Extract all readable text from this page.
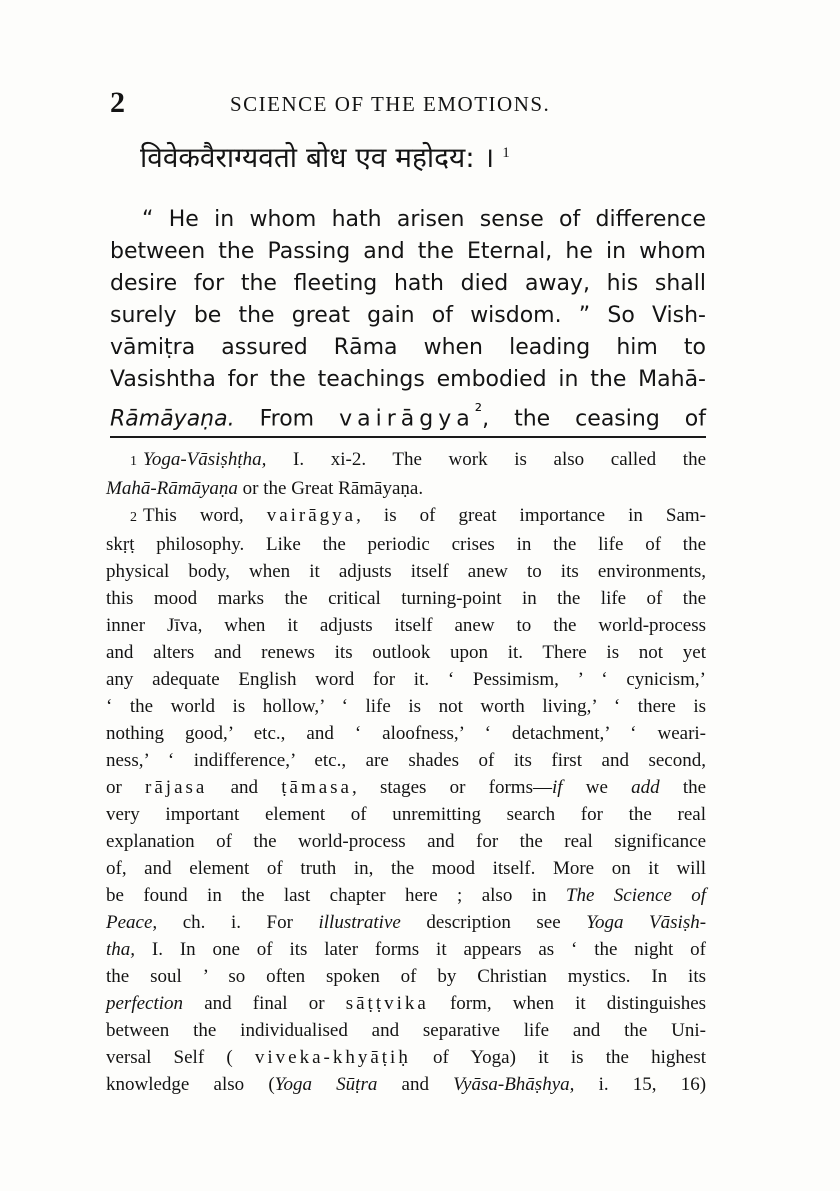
2	SCIENCE OF THE EMOTIONS.
विवेकवैराग्यवतो बोध एव महोदय: । $^1$
“ He in whom hath arisen sense of difference
between the Passing and the Eternal, he in whom
desire for the fleeting hath died away, his shall
surely be the great gain of wisdom. ” So Vish-
vāmiṭra assured Rāma when leading him to
Vasishtha for the teachings embodied in the Mahā-
Rāmāyaṇa. From vairāgya$^{^2}$, the ceasing of
1 Yoga-Vāsiṣhṭha, I. xi-2. The work is also called the
Mahā-Rāmāyaṇa or the Great Rāmāyaṇa.
2 This word, vairāgya, is of great importance in Sam-
skṛṭ philosophy. Like the periodic crises in the life of the
physical body, when it adjusts itself anew to its environments,
this mood marks the critical turning-point in the life of the
inner Jīva, when it adjusts itself anew to the world-process
and alters and renews its outlook upon it. There is not yet
any adequate English word for it. ‘ Pessimism, ’ ‘ cynicism,’
‘ the world is hollow,’ ‘ life is not worth living,’ ‘ there is
nothing good,’ etc., and ‘ aloofness,’ ‘ detachment,’ ‘ weari-
ness,’ ‘ indifference,’ etc., are shades of its first and second,
or rājasa and ṭāmasa, stages or forms—if we add the
very important element of unremitting search for the real
explanation of the world-process and for the real significance
of, and element of truth in, the mood itself. More on it will
be found in the last chapter here ; also in The Science of
Peace, ch. i. For illustrative description see Yoga Vāsiṣh-
tha, I. In one of its later forms it appears as ‘ the night of
the soul ’ so often spoken of by Christian mystics. In its
perfection and final or sāṭṭvika form, when it distinguishes
between the individualised and separative life and the Uni-
versal Self ( viveka-khyāṭiḥ of Yoga) it is the highest
knowledge also (Yoga Sūṭra and Vyāsa-Bhāṣhya, i. 15, 16)
